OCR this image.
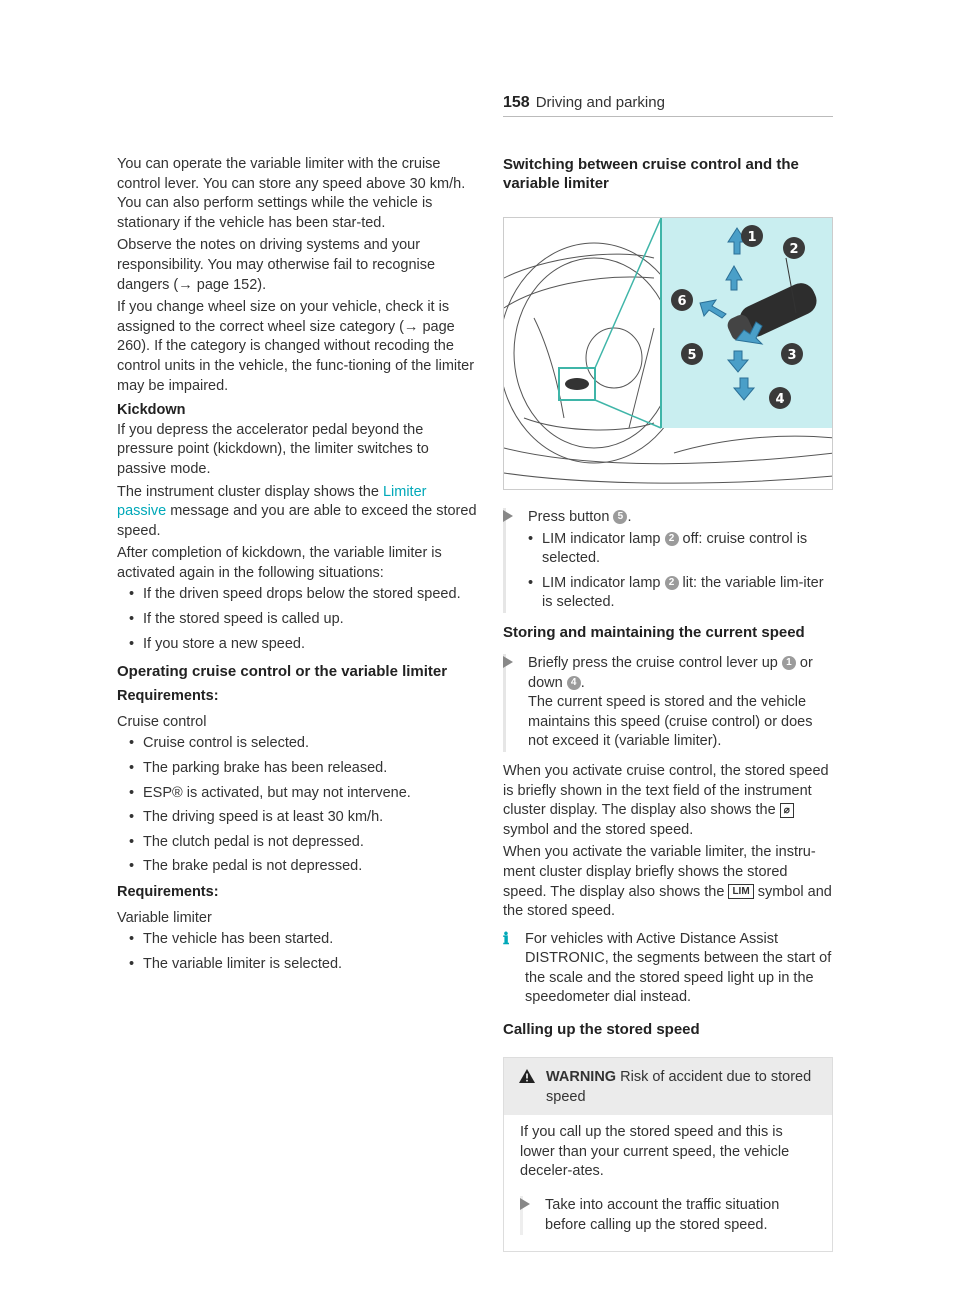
158 Driving and parking

You can operate the variable limiter with the cruise control lever. You can store any speed above 30 km/h. You can also perform settings while the vehicle is stationary if the vehicle has been star-ted.

Observe the notes on driving systems and your responsibility. You may otherwise fail to recognise dangers (→ page 152).

If you change wheel size on your vehicle, check it is assigned to the correct wheel size category (→ page 260). If the category is changed without recoding the control units in the vehicle, the func-tioning of the limiter may be impaired.

Kickdown

If you depress the accelerator pedal beyond the pressure point (kickdown), the limiter switches to passive mode.

The instrument cluster display shows the Limiter passive message and you are able to exceed the stored speed.

After completion of kickdown, the variable limiter is activated again in the following situations:

• If the driven speed drops below the stored speed.
• If the stored speed is called up.
• If you store a new speed.
Operating cruise control or the variable limiter
Requirements:

Cruise control

• Cruise control is selected.
• The parking brake has been released.
• ESP® is activated, but may not intervene.
• The driving speed is at least 30 km/h.
• The clutch pedal is not depressed.
• The brake pedal is not depressed.
Requirements:

Variable limiter

• The vehicle has been started.
• The variable limiter is selected.
Switching between cruise control and the variable limiter
1
2
3
4
5
6

Press button 5 .

• LIM indicator lamp 2 off: cruise control is selected.
• LIM indicator lamp 2 lit: the variable lim-iter is selected.
Storing and maintaining the current speed

Briefly press the cruise control lever up 1 or down 4 .

The current speed is stored and the vehicle maintains this speed (cruise control) or does not exceed it (variable limiter).

When you activate cruise control, the stored speed is briefly shown in the text field of the instrument cluster display. The display also shows the ⌀ symbol and the stored speed.

When you activate the variable limiter, the instru-ment cluster display briefly shows the stored speed. The display also shows the LIM symbol and the stored speed.

ℹ For vehicles with Active Distance Assist DISTRONIC, the segments between the start of the scale and the stored speed light up in the speedometer dial instead.

Calling up the stored speed

WARNING Risk of accident due to stored speed

If you call up the stored speed and this is lower than your current speed, the vehicle deceler-ates.

Take into account the traffic situation before calling up the stored speed.
